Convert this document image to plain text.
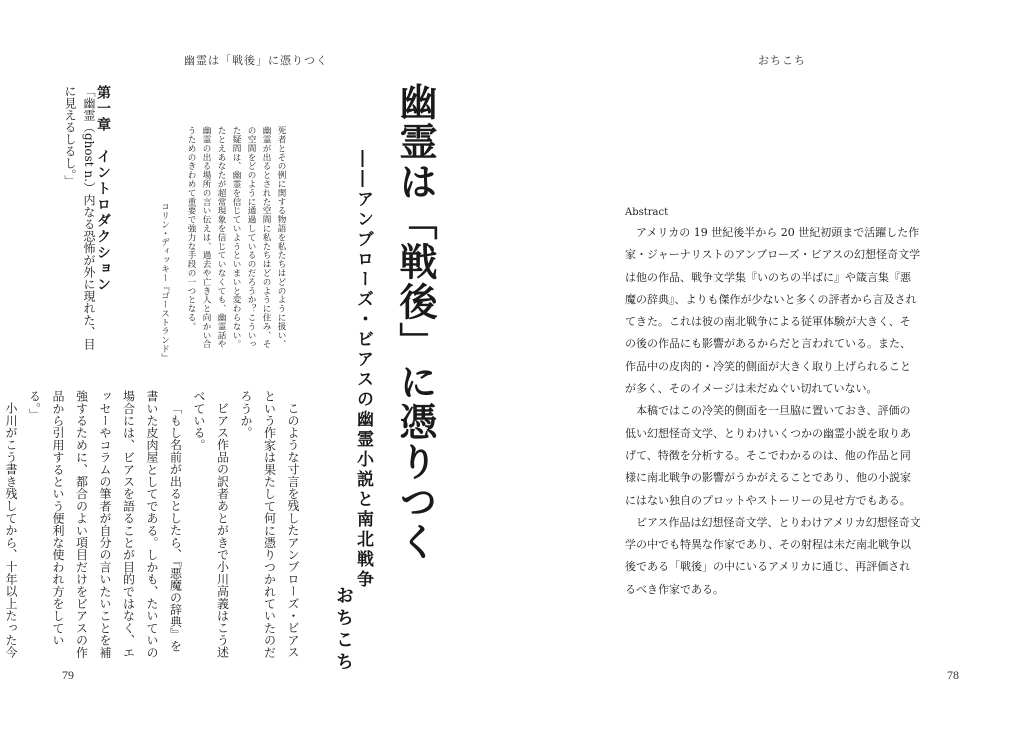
幽霊は「戦後」に憑りつく
幽霊は「戦後」に憑りつく
――アンブローズ・ビアスの幽霊小説と南北戦争
おちこち

死者とその例に関する物語を私たちはどのように扱い、幽霊が出るとされた空間に私たちはどのように住み、その空間をどのように通過しているのだろうか？こういった疑問は、幽霊を信じていようといまいと変わらない。たとえあなたが超常現象を信じていなくても、幽霊話や幽霊の出る場所の言い伝えは、過去や亡き人と向かい合うためのきわめて重要で強力な手段の一つとなる。

コリン・ディッキー『ゴーストランド』

このような寸言を残したアンブローズ・ビアスという作家は果たして何に憑りつかれていたのだろうか。

ビアス作品の訳者あとがきで小川高義はこう述べている。

「もし名前が出るとしたら、『悪魔の辞典』を書いた皮肉屋としてである。しかも、たいていの場合には、ビアスを語ることが目的ではなく、エッセーやコラムの筆者が自分の言いたいことを補強するために、都合のよい項目だけをビアスの作品から引用するという便利な使われ方をしている。」

小川がこう書き残してから、十年以上たった今

第一章　イントロダクション

「幽霊（ghost n.）内なる恐怖が外に現れた、目に見えるしるし。」

79
おちこち
78
Abstract

アメリカの 19 世紀後半から 20 世紀初頭まで活躍した作家・ジャーナリストのアンブローズ・ビアスの幻想怪奇文学は他の作品、戦争文学集『いのちの半ばに』や箴言集『悪魔の辞典』、よりも傑作が少ないと多くの評者から言及されてきた。これは彼の南北戦争による従軍体験が大きく、その後の作品にも影響があるからだと言われている。また、作品中の皮肉的・冷笑的側面が大きく取り上げられることが多く、そのイメージは未だぬぐい切れていない。

本稿ではこの冷笑的側面を一旦脇に置いておき、評価の低い幻想怪奇文学、とりわけいくつかの幽霊小説を取りあげて、特徴を分析する。そこでわかるのは、他の作品と同様に南北戦争の影響がうかがえることであり、他の小説家にはない独自のプロットやストーリーの見せ方でもある。

ビアス作品は幻想怪奇文学、とりわけアメリカ幻想怪奇文学の中でも特異な作家であり、その射程は未だ南北戦争以後である「戦後」の中にいるアメリカに通じ、再評価されるべき作家である。
